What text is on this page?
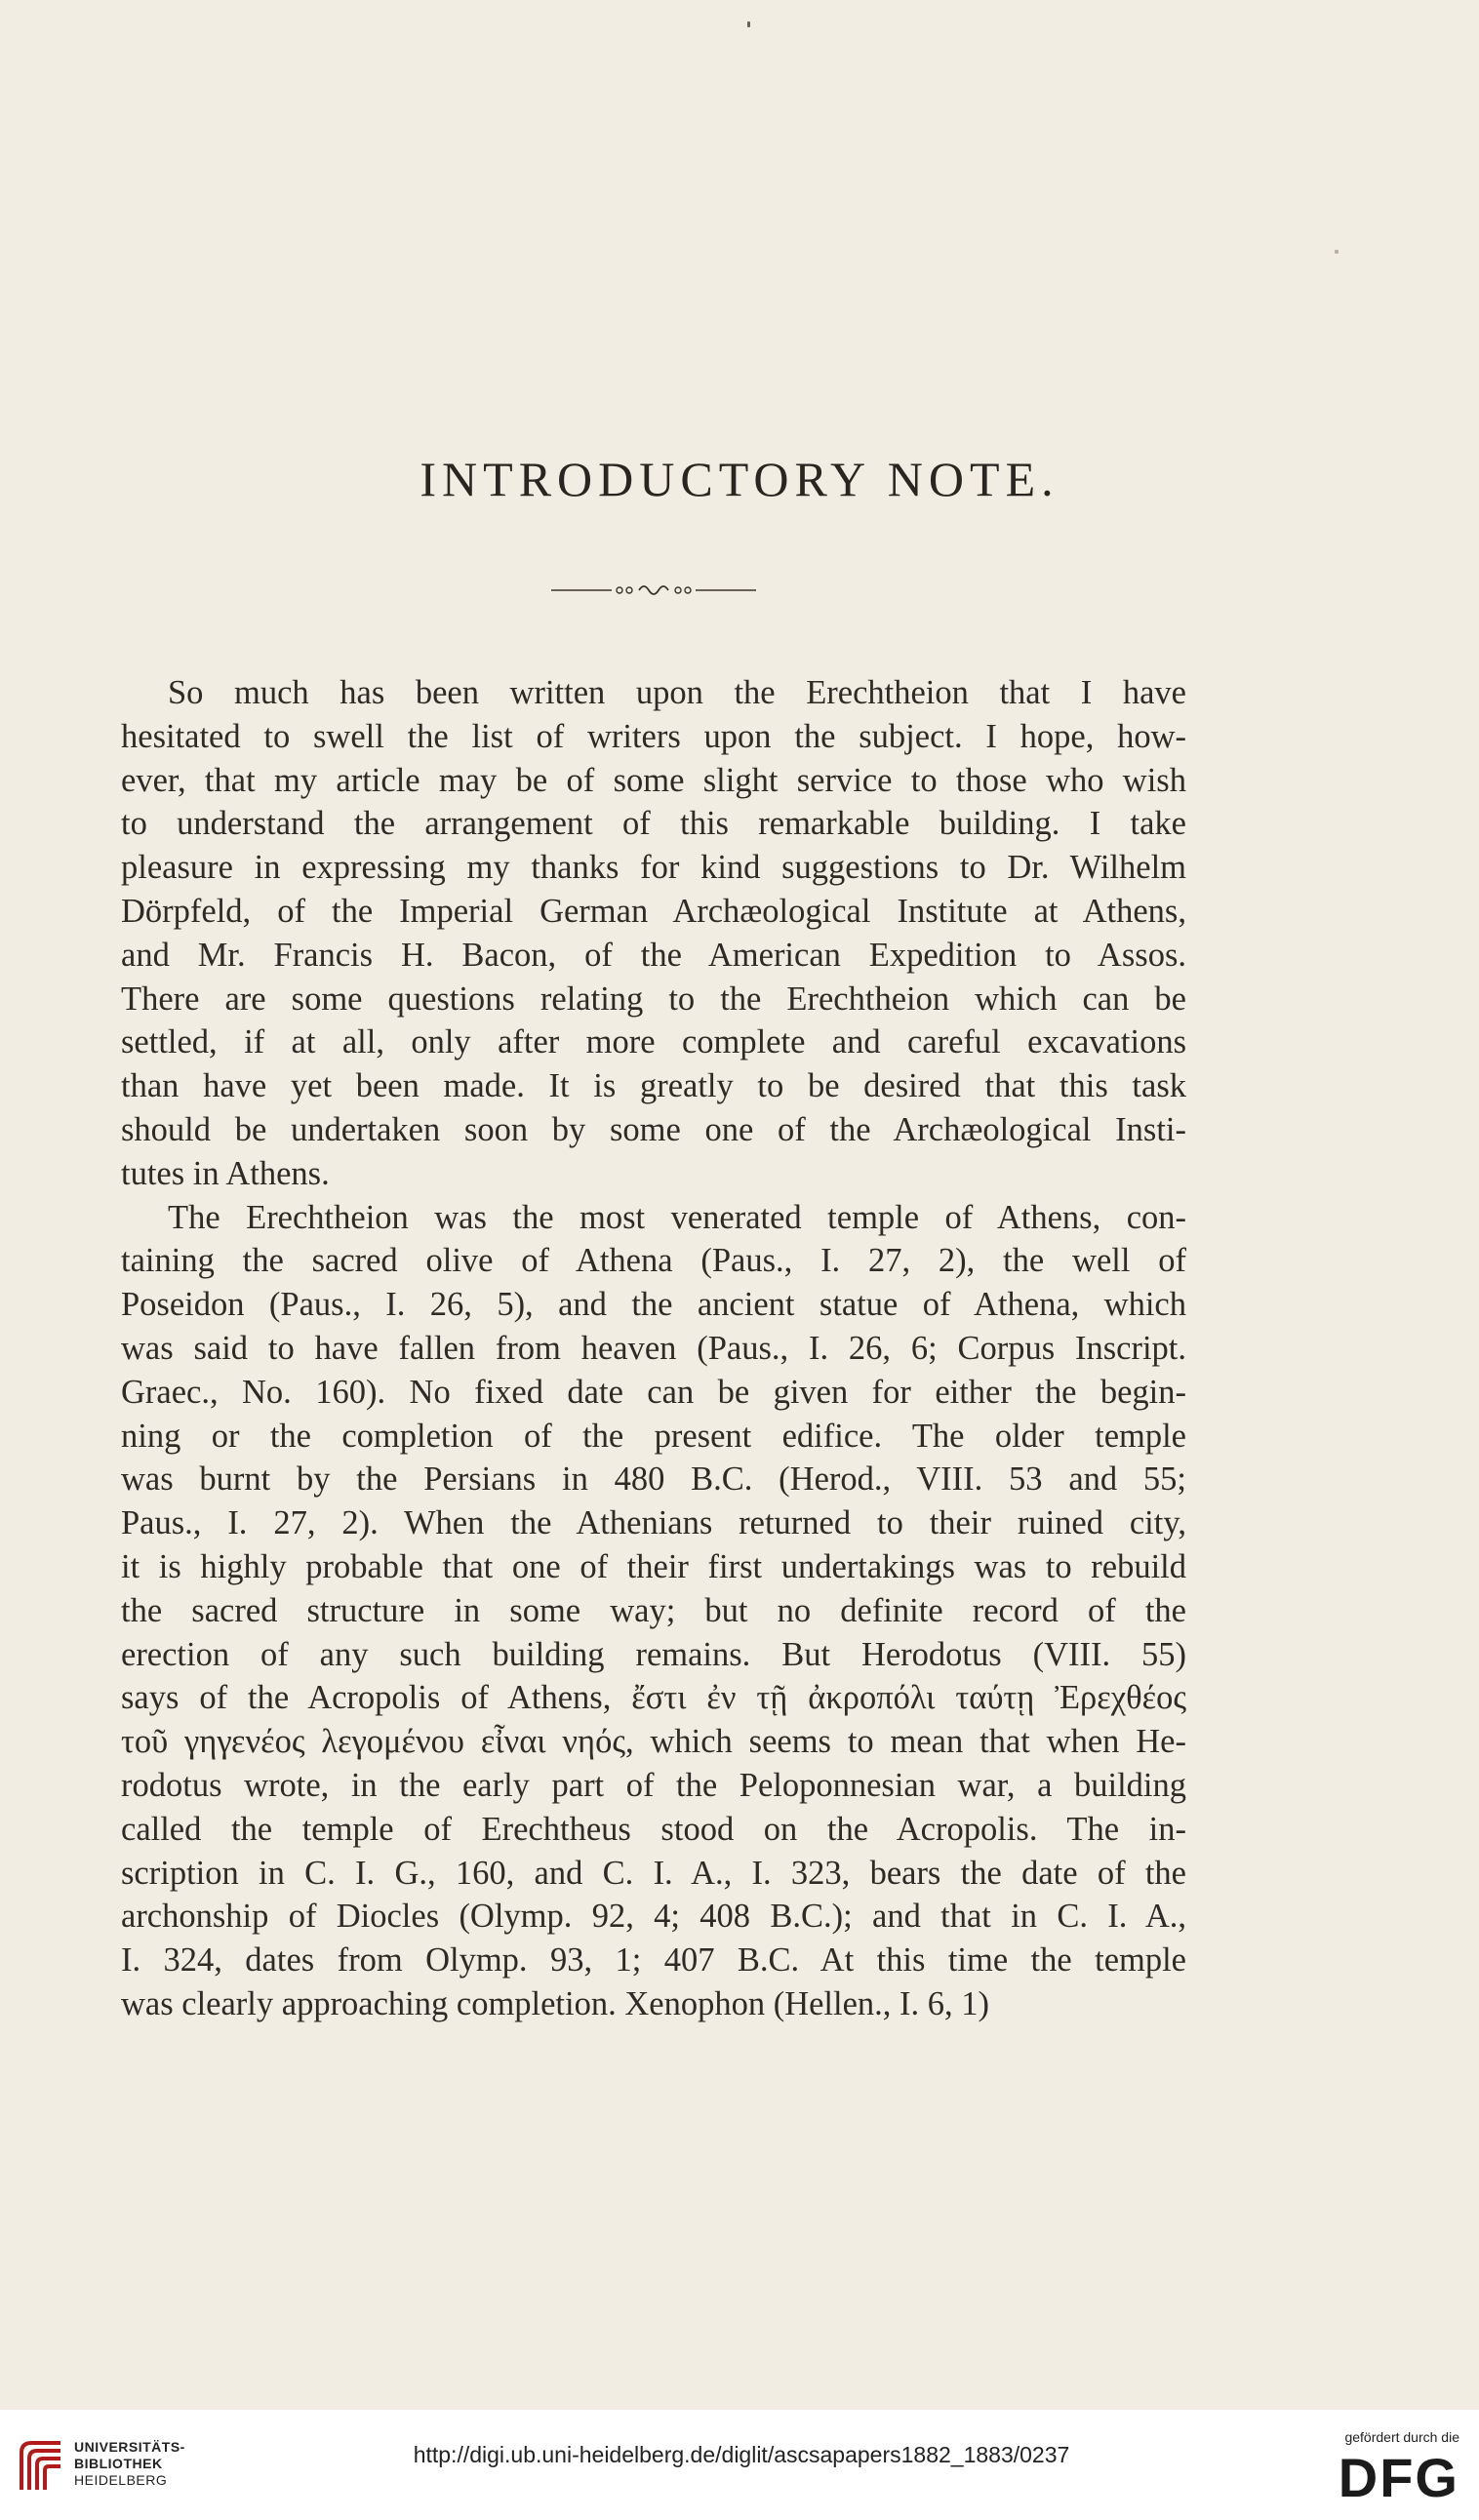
INTRODUCTORY NOTE.

So much has been written upon the Erechtheion that I have
hesitated to swell the list of writers upon the subject. I hope, how-
ever, that my article may be of some slight service to those who wish
to understand the arrangement of this remarkable building. I take
pleasure in expressing my thanks for kind suggestions to Dr. Wilhelm
Dörpfeld, of the Imperial German Archæological Institute at Athens,
and Mr. Francis H. Bacon, of the American Expedition to Assos.
There are some questions relating to the Erechtheion which can be
settled, if at all, only after more complete and careful excavations
than have yet been made. It is greatly to be desired that this task
should be undertaken soon by some one of the Archæological Insti-
tutes in Athens.

The Erechtheion was the most venerated temple of Athens, con-
taining the sacred olive of Athena (Paus., I. 27, 2), the well of
Poseidon (Paus., I. 26, 5), and the ancient statue of Athena, which
was said to have fallen from heaven (Paus., I. 26, 6; Corpus Inscript.
Graec., No. 160). No fixed date can be given for either the begin-
ning or the completion of the present edifice. The older temple
was burnt by the Persians in 480 B.C. (Herod., VIII. 53 and 55;
Paus., I. 27, 2). When the Athenians returned to their ruined city,
it is highly probable that one of their first undertakings was to rebuild
the sacred structure in some way; but no definite record of the
erection of any such building remains. But Herodotus (VIII. 55)
says of the Acropolis of Athens, ἔστι ἐν τῇ ἀκροπόλι ταύτῃ Ἐρεχθέος
τοῦ γηγενέος λεγομένου εἶναι νηός, which seems to mean that when He-
rodotus wrote, in the early part of the Peloponnesian war, a building
called the temple of Erechtheus stood on the Acropolis. The in-
scription in C. I. G., 160, and C. I. A., I. 323, bears the date of the
archonship of Diocles (Olymp. 92, 4; 408 B.C.); and that in C. I. A.,
I. 324, dates from Olymp. 93, 1; 407 B.C. At this time the temple
was clearly approaching completion. Xenophon (Hellen., I. 6, 1)

UNIVERSITÄTS-
BIBLIOTHEK
HEIDELBERG
http://digi.ub.uni-heidelberg.de/diglit/ascsapapers1882_1883/0237
gefördert durch die
DFG
